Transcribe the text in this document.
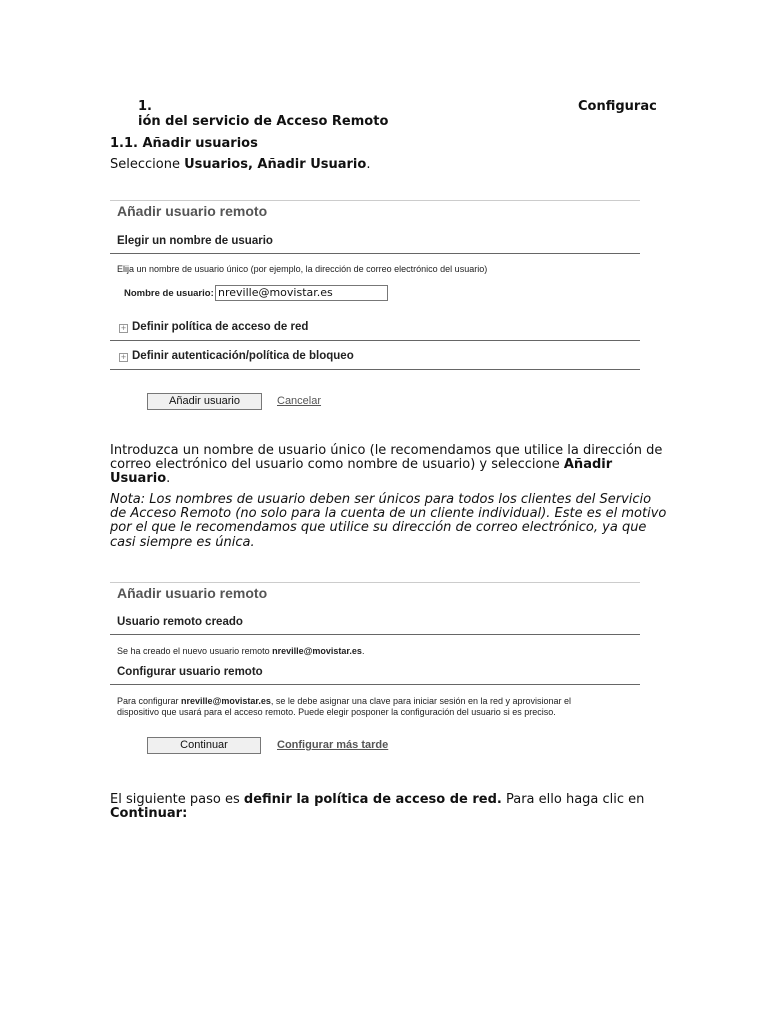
1.	Configurac
ión del servicio de Acceso Remoto
1.1. Añadir usuarios
Seleccione Usuarios, Añadir Usuario.
Añadir usuario remoto
Elegir un nombre de usuario
Elija un nombre de usuario único (por ejemplo, la dirección de correo electrónico del usuario)
Nombre de usuario: nreville@movistar.es
+ Definir política de acceso de red
+ Definir autenticación/política de bloqueo
Añadir usuario	Cancelar
Introduzca un nombre de usuario único (le recomendamos que utilice la dirección de correo electrónico del usuario como nombre de usuario) y seleccione Añadir Usuario.
Nota: Los nombres de usuario deben ser únicos para todos los clientes del Servicio de Acceso Remoto (no solo para la cuenta de un cliente individual). Este es el motivo por el que le recomendamos que utilice su dirección de correo electrónico, ya que casi siempre es única.
Añadir usuario remoto
Usuario remoto creado
Se ha creado el nuevo usuario remoto nreville@movistar.es.
Configurar usuario remoto
Para configurar nreville@movistar.es, se le debe asignar una clave para iniciar sesión en la red y aprovisionar el dispositivo que usará para el acceso remoto. Puede elegir posponer la configuración del usuario si es preciso.
Continuar	Configurar más tarde
El siguiente paso es definir la política de acceso de red. Para ello haga clic en
Continuar:
